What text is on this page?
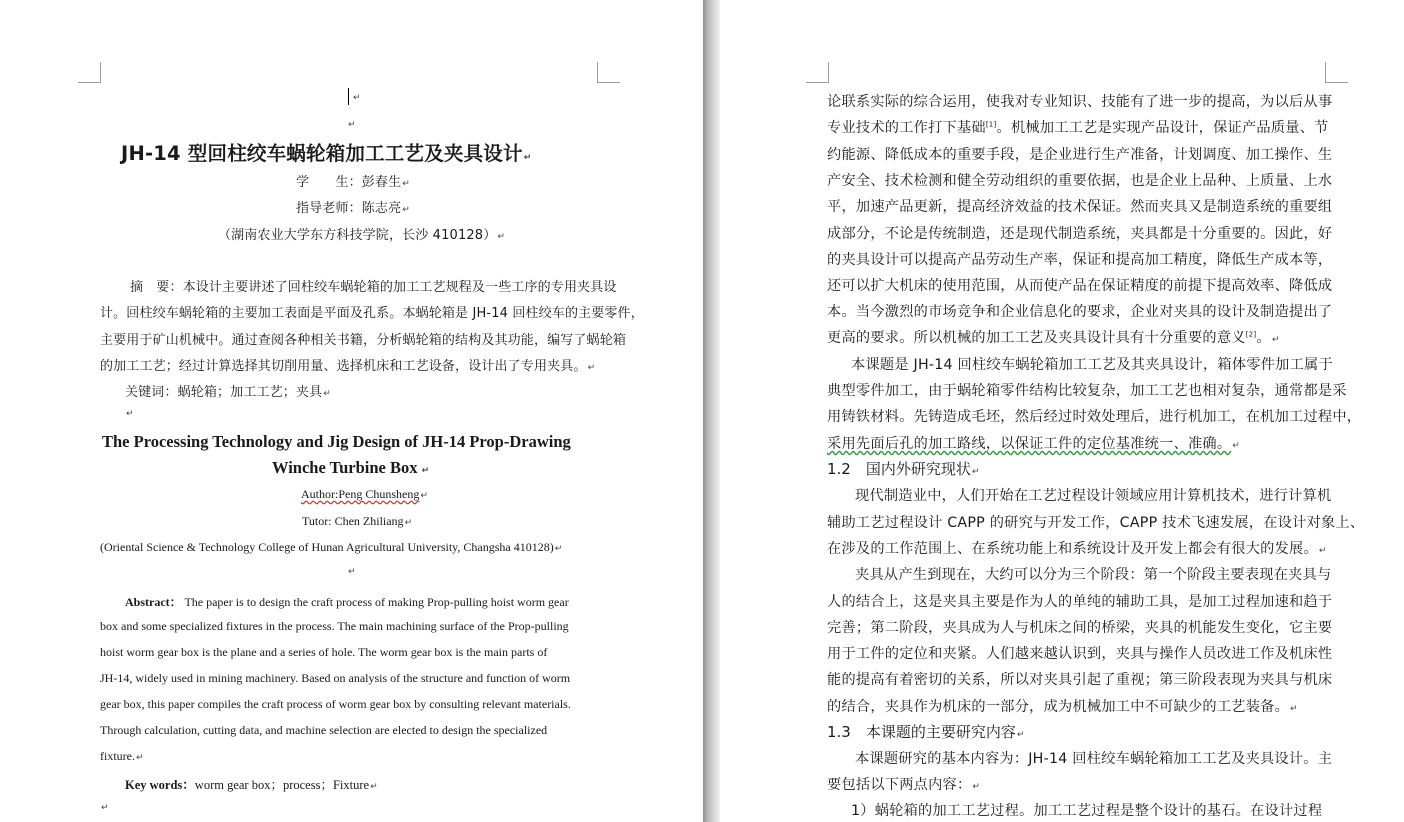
↵
↵
JH-14 型回柱绞车蜗轮箱加工工艺及夹具设计↵
学　　生：彭春生↵
指导老师：陈志亮↵
（湖南农业大学东方科技学院，长沙 410128）↵
摘　要：本设计主要讲述了回柱绞车蜗轮箱的加工工艺规程及一些工序的专用夹具设
计。回柱绞车蜗轮箱的主要加工表面是平面及孔系。本蜗轮箱是 JH-14 回柱绞车的主要零件，
主要用于矿山机械中。通过查阅各种相关书籍，分析蜗轮箱的结构及其功能，编写了蜗轮箱
的加工工艺；经过计算选择其切削用量、选择机床和工艺设备，设计出了专用夹具。↵
关键词：蜗轮箱；加工工艺；夹具↵
↵
The Processing Technology and Jig Design of JH-14 Prop-Drawing
Winche Turbine Box ↵
Author:Peng Chunsheng↵
Tutor: Chen Zhiliang↵
(Oriental Science & Technology College of Hunan Agricultural University, Changsha 410128)↵
↵
Abstract： The paper is to design the craft process of making Prop-pulling hoist worm gear
box and some specialized fixtures in the process. The main machining surface of the Prop-pulling
hoist worm gear box is the plane and a series of hole. The worm gear box is the main parts of
JH-14, widely used in mining machinery. Based on analysis of the structure and function of worm
gear box, this paper compiles the craft process of worm gear box by consulting relevant materials.
Through calculation, cutting data, and machine selection are elected to design the specialized
fixture.↵
Key words：worm gear box；process；Fixture↵
↵
论联系实际的综合运用，使我对专业知识、技能有了进一步的提高，为以后从事
专业技术的工作打下基础[1]。机械加工工艺是实现产品设计，保证产品质量、节
约能源、降低成本的重要手段，是企业进行生产准备，计划调度、加工操作、生
产安全、技术检测和健全劳动组织的重要依据，也是企业上品种、上质量、上水
平，加速产品更新，提高经济效益的技术保证。然而夹具又是制造系统的重要组
成部分，不论是传统制造，还是现代制造系统，夹具都是十分重要的。因此，好
的夹具设计可以提高产品劳动生产率，保证和提高加工精度，降低生产成本等，
还可以扩大机床的使用范围，从而使产品在保证精度的前提下提高效率、降低成
本。当今激烈的市场竞争和企业信息化的要求，企业对夹具的设计及制造提出了
更高的要求。所以机械的加工工艺及夹具设计具有十分重要的意义[2]。↵
本课题是 JH-14 回柱绞车蜗轮箱加工工艺及其夹具设计，箱体零件加工属于
典型零件加工，由于蜗轮箱零件结构比较复杂，加工工艺也相对复杂，通常都是采
用铸铁材料。先铸造成毛坯，然后经过时效处理后，进行机加工，在机加工过程中，
采用先面后孔的加工路线，以保证工件的定位基准统一、准确。↵
1.2　国内外研究现状↵
现代制造业中，人们开始在工艺过程设计领域应用计算机技术，进行计算机
辅助工艺过程设计 CAPP 的研究与开发工作，CAPP 技术飞速发展，在设计对象上、
在涉及的工作范围上、在系统功能上和系统设计及开发上都会有很大的发展。↵
夹具从产生到现在，大约可以分为三个阶段：第一个阶段主要表现在夹具与
人的结合上，这是夹具主要是作为人的单纯的辅助工具，是加工过程加速和趋于
完善；第二阶段，夹具成为人与机床之间的桥梁，夹具的机能发生变化，它主要
用于工件的定位和夹紧。人们越来越认识到，夹具与操作人员改进工作及机床性
能的提高有着密切的关系，所以对夹具引起了重视；第三阶段表现为夹具与机床
的结合，夹具作为机床的一部分，成为机械加工中不可缺少的工艺装备。↵
1.3　本课题的主要研究内容↵
本课题研究的基本内容为：JH-14 回柱绞车蜗轮箱加工工艺及夹具设计。主
要包括以下两点内容：↵
1）蜗轮箱的加工工艺过程。加工工艺过程是整个设计的基石。在设计过程
